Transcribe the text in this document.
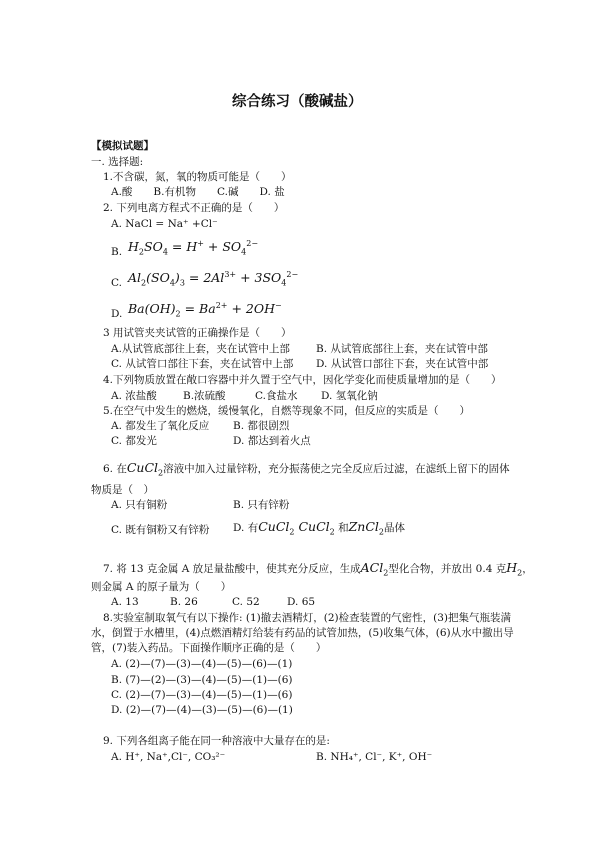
综合练习（酸碱盐）
【模拟试题】
一. 选择题:
1.不含碳，氮，氧的物质可能是（　　）
A.酸　　B.有机物　　C.碱　　D. 盐
2. 下列电离方程式不正确的是（　　）
A. NaCl = Na⁺ +Cl⁻
B. $H_2SO_4 = H^+ + SO_4^{2-}$
C. $Al_2(SO_4)_3 = 2Al^{3+} + 3SO_4^{2-}$
D. $Ba(OH)_2 = Ba^{2+} + 2OH^-$
3 用试管夹夹试管的正确操作是（　　）
A.从试管底部往上套，夹在试管中上部 B. 从试管底部往上套，夹在试管中部
C. 从试管口部往下套，夹在试管中上部 D. 从试管口部往下套，夹在试管中部
4.下列物质放置在敞口容器中并久置于空气中，因化学变化而使质量增加的是（　　）
A. 浓盐酸 B.浓硫酸	C.食盐水 D. 氢氧化钠
5.在空气中发生的燃烧，缓慢氧化，自燃等现象不同，但反应的实质是（　　）
A. 都发生了氧化反应 B. 都很剧烈
C. 都发光	D. 都达到着火点
6. 在CuCl$_2$溶液中加入过量锌粉，充分振荡使之完全反应后过滤，在滤纸上留下的固体
物质是（　）
A. 只有铜粉	B. 只有锌粉
C. 既有铜粉又有锌粉 D. 有CuCl$_2$ CuCl$_2$ 和ZnCl$_2$晶体
7. 将 13 克金属 A 放足量盐酸中，使其充分反应，生成ACl$_2$型化合物，并放出 0.4 克$H_2$，
则金属 A 的原子量为（　　）
A. 13	B. 26	C. 52	D. 65
8.实验室制取氧气有以下操作: (1)撤去酒精灯，(2)检查装置的气密性，(3)把集气瓶装满
水，倒置于水槽里，(4)点燃酒精灯给装有药品的试管加热，(5)收集气体，(6)从水中撤出导
管，(7)装入药品。下面操作顺序正确的是（　　）
A. (2)—(7)—(3)—(4)—(5)—(6)—(1)
B. (7)—(2)—(3)—(4)—(5)—(1)—(6)
C. (2)—(7)—(3)—(4)—(5)—(1)—(6)
D. (2)—(7)—(4)—(3)—(5)—(6)—(1)
9. 下列各组离子能在同一种溶液中大量存在的是:
A. H⁺, Na⁺,Cl⁻, CO₃²⁻	B. NH₄⁺, Cl⁻, K⁺, OH⁻
